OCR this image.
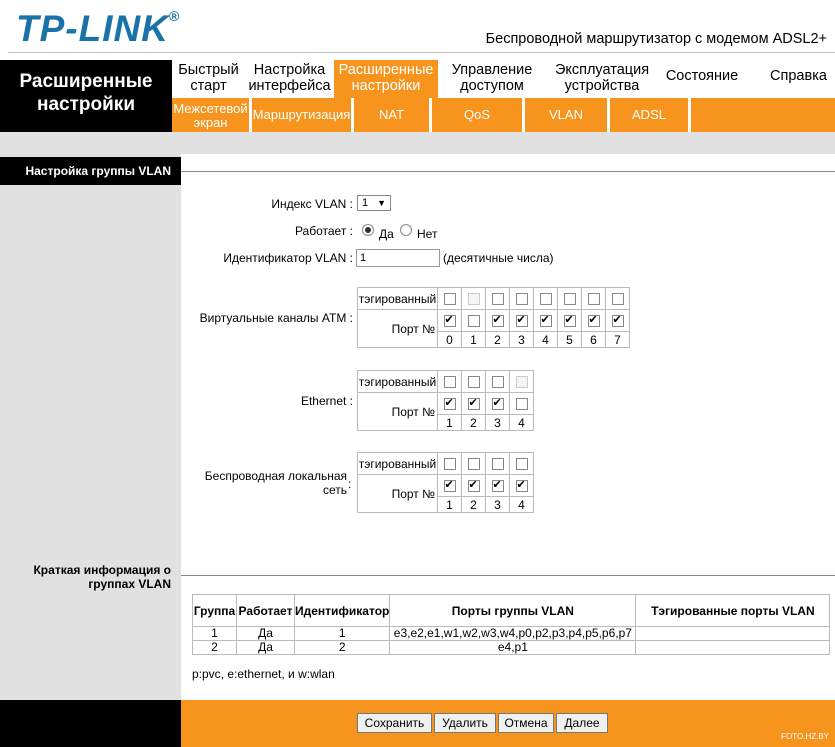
TP-LINK®
Беспроводной маршрутизатор с модемом ADSL2+
Расширенные
настройки
Быстрый
старт
Настройка
интерфейса
Расширенные
настройки
Управление
доступом
Эксплуатация
устройства
Состояние	Справка
Межсетевой
экран
Маршрутизация	NAT	QoS	VLAN	ADSL
Настройка группы VLAN
Индекс VLAN : 1 ▼
Работает : Да Нет
Идентификатор VLAN : 1	(десятичные числа)
Виртуальные каналы ATM :
тэгированный								
Порт №	✔		✔	✔	✔	✔	✔	✔
	0	1	2	3	4	5	6	7
Ethernet :
тэгированный				
Порт №	✔	✔	✔	
	1	2	3	4
Беспроводная локальная
сеть :
тэгированный				
Порт №	✔	✔	✔	✔
	1	2	3	4
Краткая информация о
группах VLAN
Группа	Работает	Идентификатор	Порты группы VLAN	Тэгированные порты VLAN
1	Да	1	e3,e2,e1,w1,w2,w3,w4,p0,p2,p3,p4,p5,p6,p7	
2	Да	2	e4,p1	
p:pvc, e:ethernet, и w:wlan
Сохранить	Удалить	Отмена	Далее
FOTO.HZ.BY
